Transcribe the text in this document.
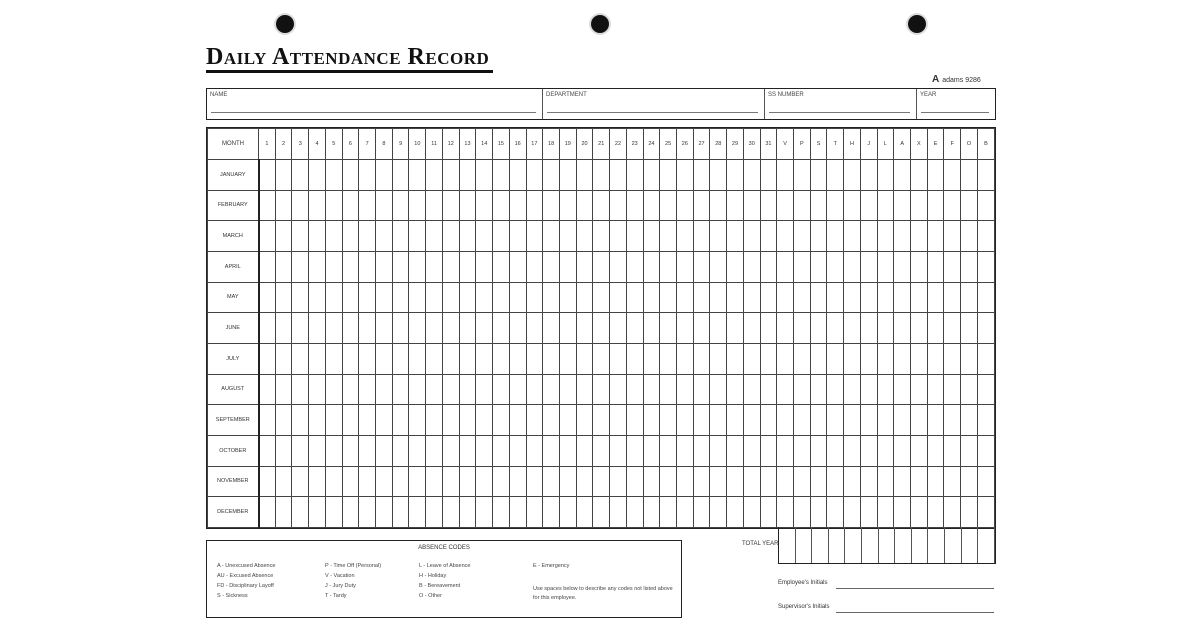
Daily Attendance Record
A adams 9286
NAME	DEPARTMENT	SS NUMBER	YEAR
MONTH	1	2	3	4	5	6	7	8	9	10	11	12	13	14	15	16	17	18	19	20	21	22	23	24	25	26	27	28	29	30	31	V	P	S	T	H	J	L	A	X	E	F	O	B
JANUARY																																												
FEBRUARY																																												
MARCH																																												
APRIL																																												
MAY																																												
JUNE																																												
JULY																																												
AUGUST																																												
SEPTEMBER																																												
OCTOBER																																												
NOVEMBER																																												
DECEMBER																																												
ABSENCE CODES
A - Unexcused Absence
AU - Excused Absence
FD - Disciplinary Layoff
S - Sickness
P - Time Off (Personal)
V - Vacation
J - Jury Duty
T - Tardy
L - Leave of Absence
H - Holiday
B - Bereavement
O - Other
E - Emergency
Use spaces below to describe any codes not listed above for this employee.
TOTAL YEAR
Employee's Initials
Supervisor's Initials
